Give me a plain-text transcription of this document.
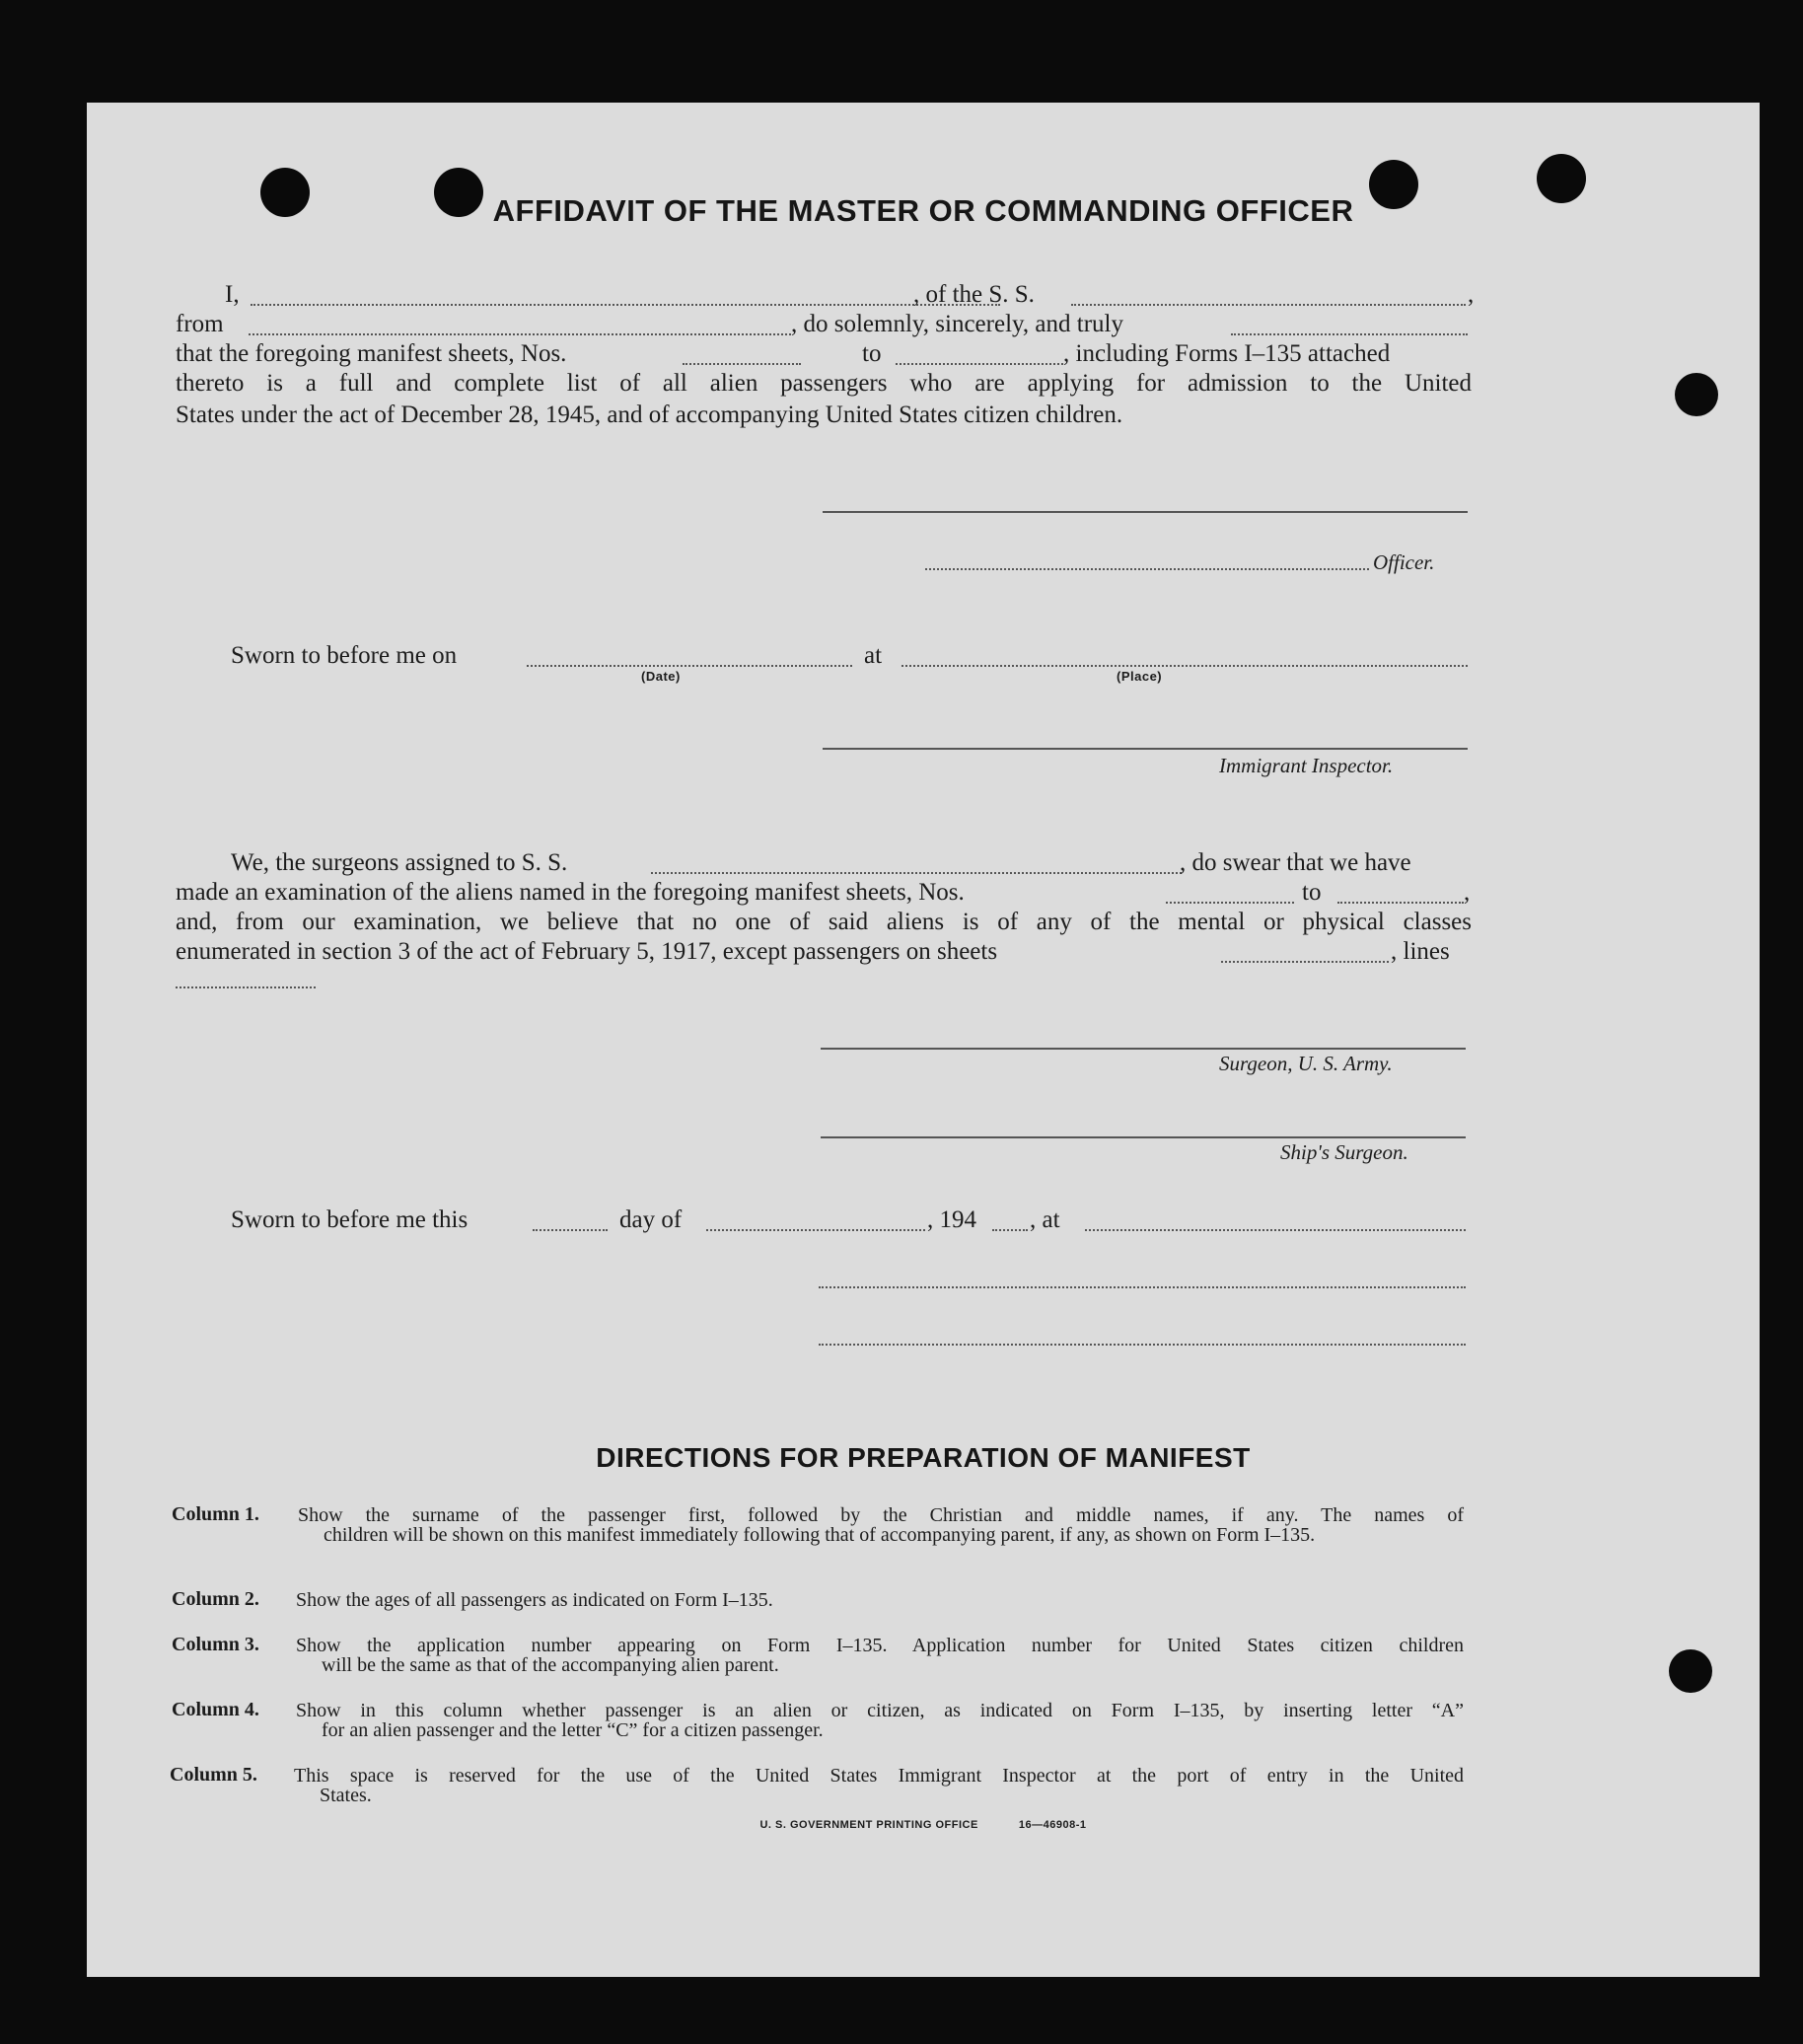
AFFIDAVIT OF THE MASTER OR COMMANDING OFFICER
I,	, of the S. S.	,
from	, do solemnly, sincerely, and truly
that the foregoing manifest sheets, Nos.	to	, including Forms I–135 attached
thereto is a full and complete list of all alien passengers who are applying for admission to the United
States under the act of December 28, 1945, and of accompanying United States citizen children.
Officer.
Sworn to before me on
(Date)
at
(Place)
Immigrant Inspector.
We, the surgeons assigned to S. S.	, do swear that we have
made an examination of the aliens named in the foregoing manifest sheets, Nos.	to	,
and, from our examination, we believe that no one of said aliens is of any of the mental or physical classes
enumerated in section 3 of the act of February 5, 1917, except passengers on sheets	, lines
Surgeon, U. S. Army.
Ship's Surgeon.
Sworn to before me this	day of	, 194 , at
DIRECTIONS FOR PREPARATION OF MANIFEST
Column 1. Show the surname of the passenger first, followed by the Christian and middle names, if any. The names of
children will be shown on this manifest immediately following that of accompanying parent, if any, as shown on Form I–135.
Column 2. Show the ages of all passengers as indicated on Form I–135.
Column 3. Show the application number appearing on Form I–135. Application number for United States citizen children
will be the same as that of the accompanying alien parent.
Column 4. Show in this column whether passenger is an alien or citizen, as indicated on Form I–135, by inserting letter “A”
for an alien passenger and the letter “C” for a citizen passenger.
Column 5. This space is reserved for the use of the United States Immigrant Inspector at the port of entry in the United
States.
U. S. GOVERNMENT PRINTING OFFICE	16—46908-1
